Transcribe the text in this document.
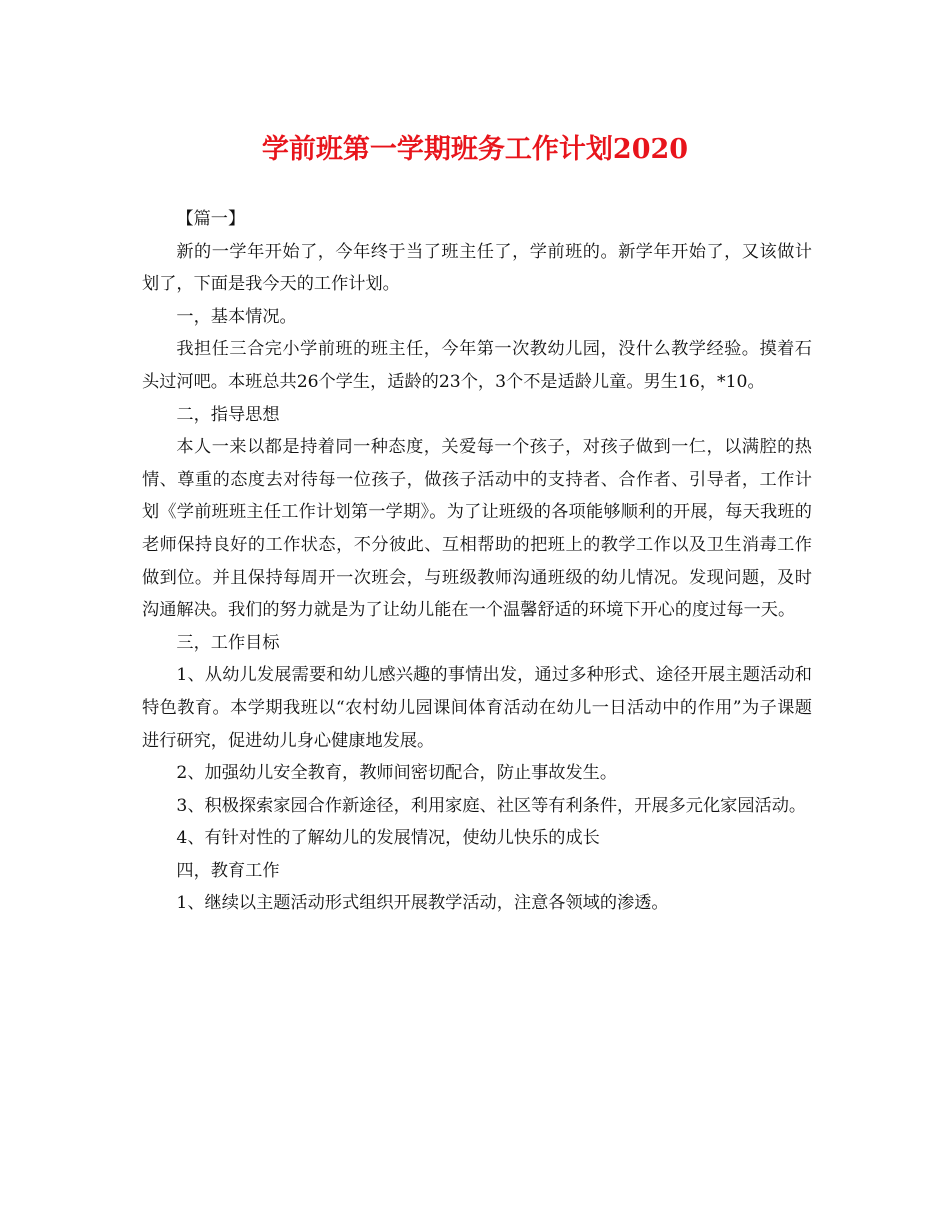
学前班第一学期班务工作计划2020

【篇一】

新的一学年开始了，今年终于当了班主任了，学前班的。新学年开始了，又该做计划了，下面是我今天的工作计划。

一，基本情况。

我担任三合完小学前班的班主任，今年第一次教幼儿园，没什么教学经验。摸着石头过河吧。本班总共26个学生，适龄的23个，3个不是适龄儿童。男生16，*10。

二，指导思想

本人一来以都是持着同一种态度，关爱每一个孩子，对孩子做到一仁，以满腔的热情、尊重的态度去对待每一位孩子，做孩子活动中的支持者、合作者、引导者，工作计划《学前班班主任工作计划第一学期》。为了让班级的各项能够顺利的开展，每天我班的老师保持良好的工作状态，不分彼此、互相帮助的把班上的教学工作以及卫生消毒工作做到位。并且保持每周开一次班会，与班级教师沟通班级的幼儿情况。发现问题，及时沟通解决。我们的努力就是为了让幼儿能在一个温馨舒适的环境下开心的度过每一天。

三，工作目标

1、从幼儿发展需要和幼儿感兴趣的事情出发，通过多种形式、途径开展主题活动和特色教育。本学期我班以“农村幼儿园课间体育活动在幼儿一日活动中的作用”为子课题进行研究，促进幼儿身心健康地发展。

2、加强幼儿安全教育，教师间密切配合，防止事故发生。

3、积极探索家园合作新途径，利用家庭、社区等有利条件，开展多元化家园活动。

4、有针对性的了解幼儿的发展情况，使幼儿快乐的成长

四，教育工作

1、继续以主题活动形式组织开展教学活动，注意各领域的渗透。
